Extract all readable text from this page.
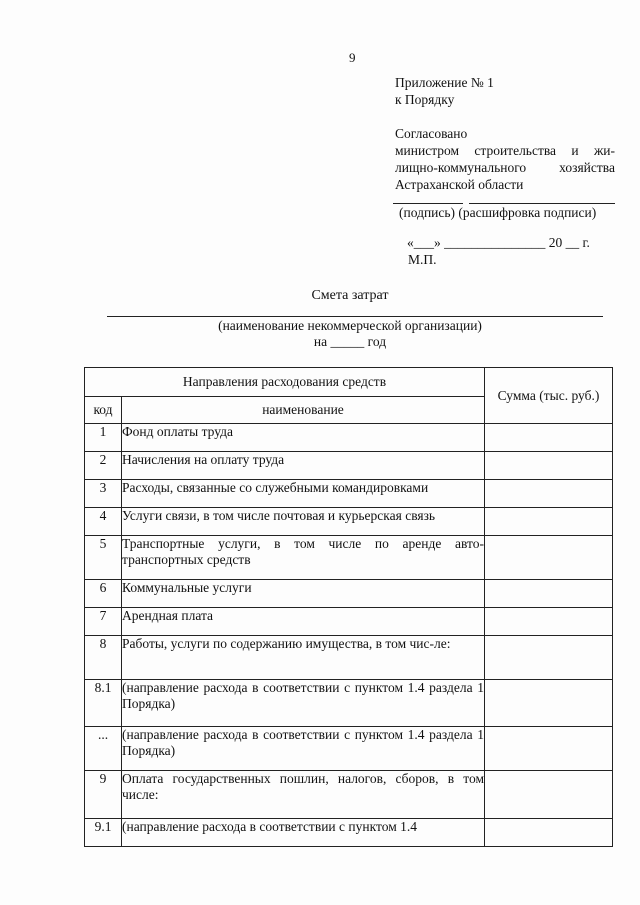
9
Приложение № 1
к Порядку
Согласовано
министром строительства и жи-
лищно-коммунального хозяйства
Астраханской области
(подпись) (расшифровка подписи)
«___» _______________ 20 __ г.
М.П.
Смета затрат
(наименование некоммерческой организации)
на _____ год
Направления расходования средств		Сумма (тыс. руб.)
код	наименование	
1	Фонд оплаты труда	
2	Начисления на оплату труда	
3	Расходы, связанные со служебными командировками	
4	Услуги связи, в том числе почтовая и курьерская связь	
5	Транспортные услуги, в том числе по аренде авто-транспортных средств	
6	Коммунальные услуги	
7	Арендная плата	
8	Работы, услуги по содержанию имущества, в том чис-ле:	
8.1	(направление расхода в соответствии с пунктом 1.4 раздела 1 Порядка)	
...	(направление расхода в соответствии с пунктом 1.4 раздела 1 Порядка)	
9	Оплата государственных пошлин, налогов, сборов, в том числе:	
9.1	(направление расхода в соответствии с пунктом 1.4	
